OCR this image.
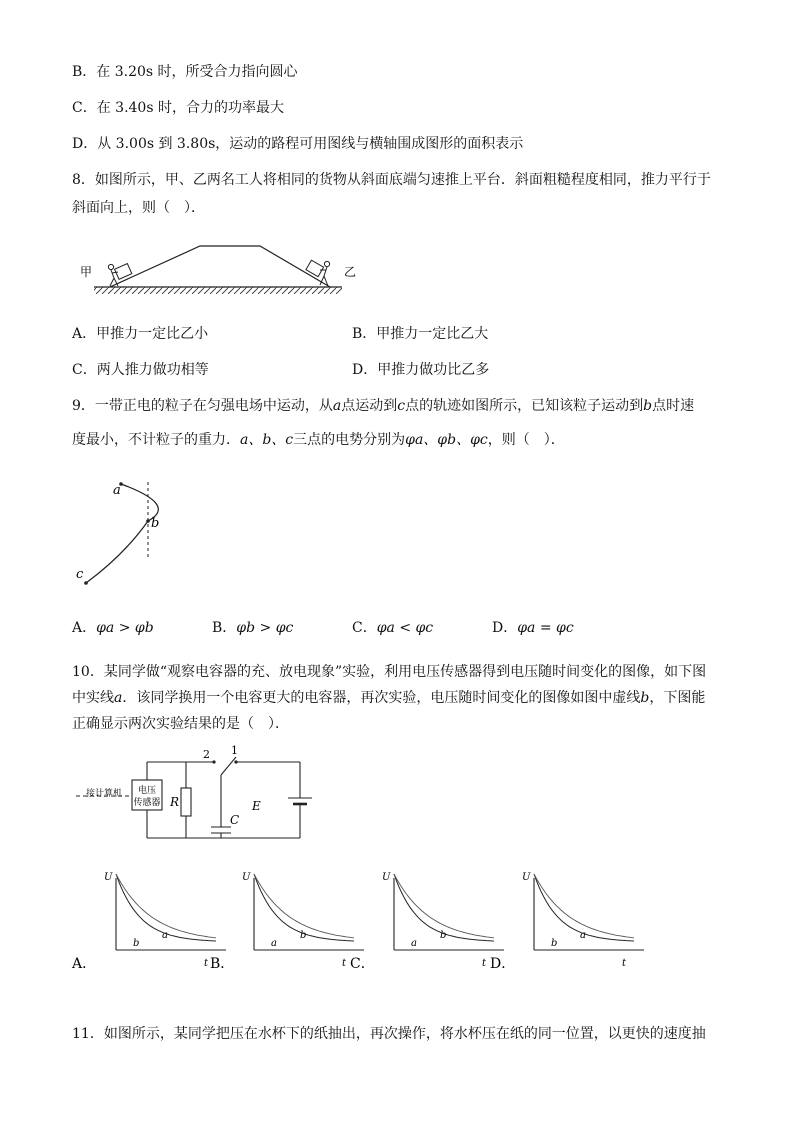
B．在 3.20s 时，所受合力指向圆心
C．在 3.40s 时，合力的功率最大
D．从 3.00s 到 3.80s，运动的路程可用图线与横轴围成图形的面积表示
8．如图所示，甲、乙两名工人将相同的货物从斜面底端匀速推上平台．斜面粗糙程度相同，推力平行于
斜面向上，则（　）．
甲	乙
A．甲推力一定比乙小	B．甲推力一定比乙大
C．两人推力做功相等	D．甲推力做功比乙多
9．一带正电的粒子在匀强电场中运动，从a点运动到c点的轨迹如图所示，已知该粒子运动到b点时速
度最小，不计粒子的重力．a、b、c三点的电势分别为φa、φb、φc，则（　）．
a
b
c
A．φa > φb	B．φb > φc	C．φa < φc	D．φa = φc
10．某同学做“观察电容器的充、放电现象”实验，利用电压传感器得到电压随时间变化的图像，如下图
中实线a．该同学换用一个电容更大的电容器，再次实验，电压随时间变化的图像如图中虚线b，下图能
正确显示两次实验结果的是（　）．
接计算机 电压
传感器 R
C
E
2 1
U
t
a
b
A．
U
t
b
a
B．
U
t
b
a
C．
U
t
a
b
D．
11．如图所示，某同学把压在水杯下的纸抽出，再次操作，将水杯压在纸的同一位置，以更快的速度抽
